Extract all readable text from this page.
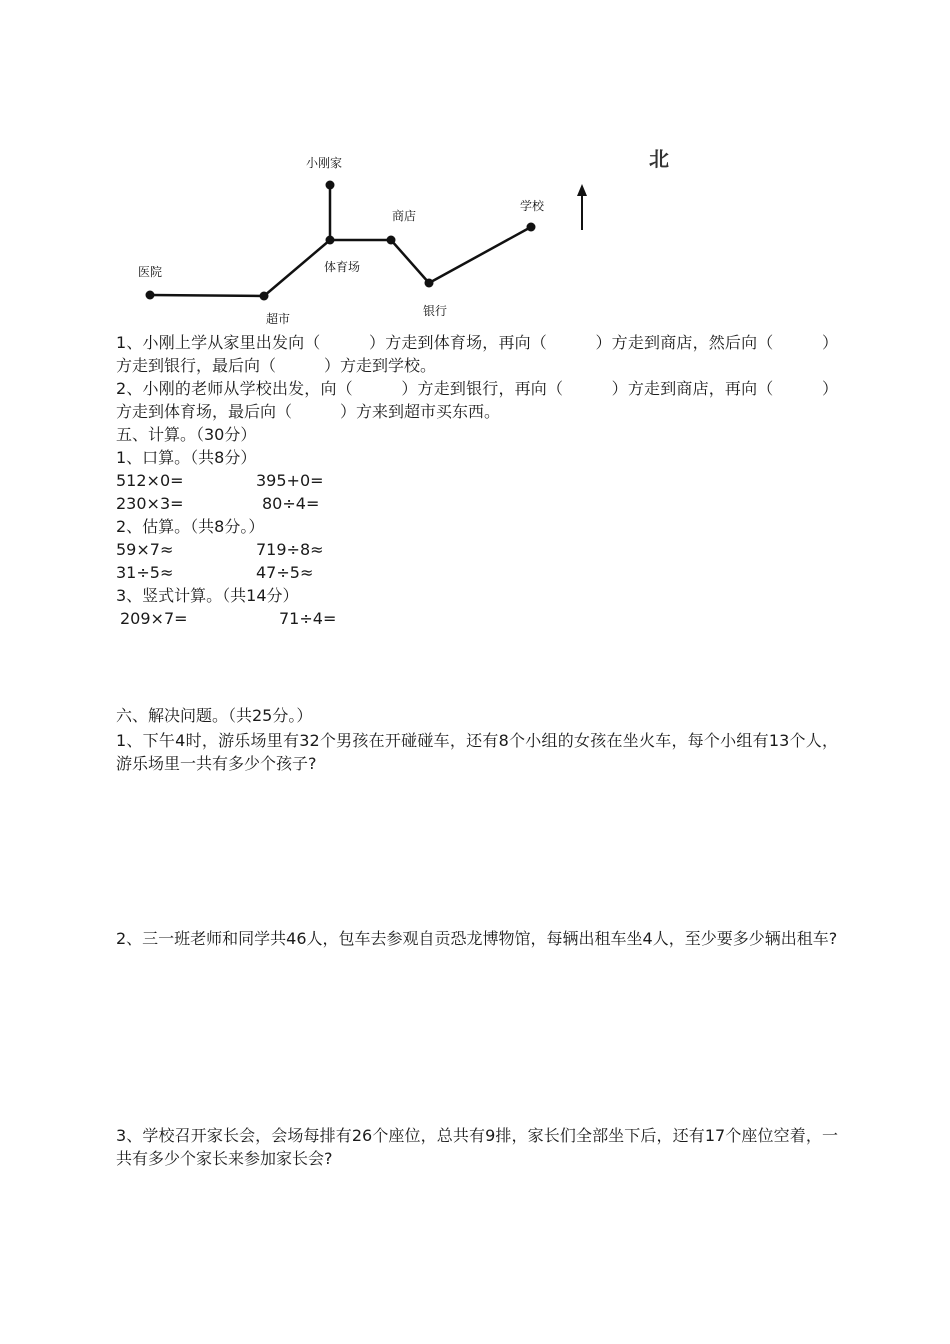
小刚家
医院
超市
体育场
商店
银行
学校
北
1、小刚上学从家里出发向（　　　）方走到体育场，再向（　　　）方走到商店，然后向（　　　）方走到银行，最后向（　　　）方走到学校。
2、小刚的老师从学校出发，向（　　　）方走到银行，再向（　　　）方走到商店，再向（　　　）方走到体育场，最后向（　　　）方来到超市买东西。
五、计算。（30分）
1、口算。（共8分）
512×0=	395+0=
230×3=	80÷4=
2、估算。（共8分。）
59×7≈	719÷8≈
31÷5≈	47÷5≈
3、竖式计算。（共14分）
209×7=	71÷4=
六、解决问题。（共25分。）
1、下午4时，游乐场里有32个男孩在开碰碰车，还有8个小组的女孩在坐火车，每个小组有13个人，游乐场里一共有多少个孩子?
2、三一班老师和同学共46人，包车去参观自贡恐龙博物馆，每辆出租车坐4人，至少要多少辆出租车?
3、学校召开家长会，会场每排有26个座位，总共有9排，家长们全部坐下后，还有17个座位空着，一共有多少个家长来参加家长会?
